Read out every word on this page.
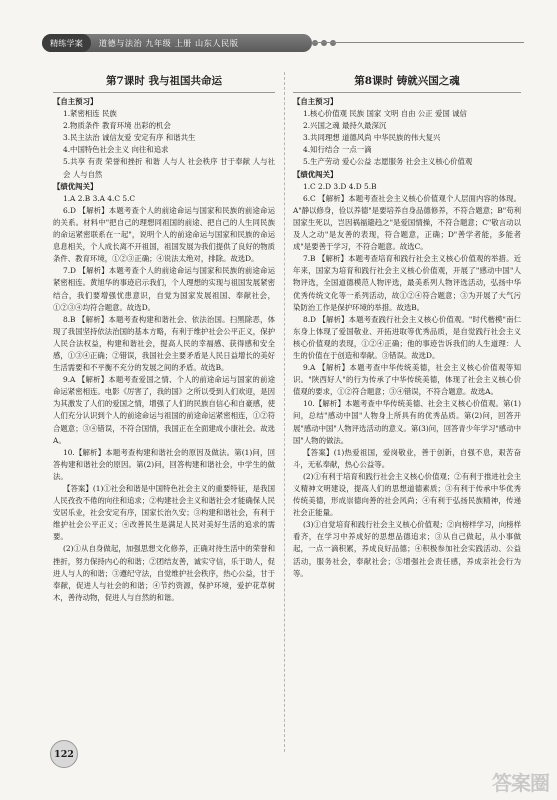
精练学案	道德与法治 九年级 上册 山东人民版
第7课时 我与祖国共命运

【自主预习】

1.紧密相连 民族

2.物质条件 教育环境 出彩的机会

3.民主法治 诚信友爱 安定有序 和谐共生

4.中国特色社会主义 向往和追求

5.共享 有责 荣誉和挫折 和谐 人与人 社会秩序 甘于奉献 人与社会 人与自然

【绩优闯关】

1.A 2.B 3.A 4.C 5.C

6.D 【解析】本题考查个人的前途命运与国家和民族的前途命运的关系。材料中"把自己的理想同祖国的前途、把自己的人生同民族的命运紧密联系在一起"，说明个人的前途命运与国家和民族的命运息息相关，个人成长离不开祖国，祖国发展为我们提供了良好的物质条件、教育环境，①②③正确；④说法太绝对，排除。故选D。

7.D 【解析】本题考查个人的前途命运与国家和民族的前途命运紧密相连。黄旭华的事迹启示我们，个人理想的实现与祖国发展紧密结合，我们要增强忧患意识，自觉为国家发展祖国、奉献社会，①②③④均符合题意。故选D。

8.B 【解析】本题考查构建和谐社会、依法治国。扫黑除恶，体现了我国坚持依法治国的基本方略，有利于维护社会公平正义，保护人民合法权益，构建和谐社会，提高人民的幸福感、获得感和安全感，①③④正确；②错误，我国社会主要矛盾是人民日益增长的美好生活需要和不平衡不充分的发展之间的矛盾。故选B。

9.A 【解析】本题考查爱国之情、个人的前途命运与国家的前途命运紧密相连。电影《厉害了，我的国》之所以受到人们欢迎，是因为其激发了人们的爱国之情，增强了人们的民族自信心和自豪感，使人们充分认识到个人的前途命运与祖国的前途命运紧密相连，①②符合题意；③④错误，不符合国情，我国正在全面建成小康社会。故选A。

10.【解析】本题考查构建和谐社会的原因及做法。第(1)问，回答构建和谐社会的原因。第(2)问，回答构建和谐社会，中学生的做法。

【答案】(1)①社会和谐是中国特色社会主义的重要特征，是我国人民孜孜不倦的向往和追求；②构建社会主义和谐社会才能确保人民安居乐业，社会安定有序，国家长治久安；③构建和谐社会，有利于维护社会公平正义；④改善民生是满足人民对美好生活的追求的需要。

(2)①从自身做起，加强思想文化修养，正确对待生活中的荣誉和挫折，努力保持内心的和谐；②团结友善，诚实守信，乐于助人，促进人与人的和谐；③遵纪守法，自觉维护社会秩序，热心公益，甘于奉献，促进人与社会的和谐；④节约资源，保护环境，爱护花草树木，善待动物，促进人与自然的和谐。

第8课时 铸就兴国之魂

【自主预习】

1.核心价值观 民族 国家 文明 自由 公正 爱国 诚信

2.兴国之魂 最持久最深沉

3.共同理想 道德风尚 中华民族的伟大复兴

4.知行结合 一点一滴

5.生产劳动 爱心公益 志愿服务 社会主义核心价值观

【绩优闯关】

1.C 2.D 3.D 4.D 5.B

6.C 【解析】本题考查社会主义核心价值观个人层面内容的体现。A"静以修身，俭以养德"是要培养自身品德修养，不符合题意；B"苟利国家生死以，岂因祸福避趋之"是爱国情操，不符合题意；C"敬言动以及人之动"是友善的表现，符合题意，正确；D"善学者能，多能者成"是要善于学习，不符合题意。故选C。

7.B 【解析】本题考查培育和践行社会主义核心价值观的举措。近年来，国家为培育和践行社会主义核心价值观，开展了"感动中国"人物评选，全国道德模范人物评选，最美系列人物评选活动，弘扬中华优秀传统文化等一系列活动，故①②④符合题意；③为开展了大气污染防治工作是保护环境的举措。故选B。

8.D 【解析】本题考查践行社会主义核心价值观。"时代楷模"南仁东身上体现了爱国敬业、开拓进取等优秀品质，是自觉践行社会主义核心价值观的表现，①②④正确；他的事迹告诉我们的人生道理：人生的价值在于创造和奉献。③错误。故选D。

9.A 【解析】本题考查中华传统美德，社会主义核心价值观等知识。"陕西好人"的行为传承了中华传统美德，体现了社会主义核心价值观的要求，①②符合题意；③④错误，不符合题意。故选A。

10.【解析】本题考查中华传统美德、社会主义核心价值观。第(1)问，总结"感动中国"人物身上所具有的优秀品质。第(2)问，回答开展"感动中国"人物评选活动的意义。第(3)问，回答青少年学习"感动中国"人物的做法。

【答案】(1)热爱祖国，爱岗敬业，善于创新，自强不息，艰苦奋斗，无私奉献，热心公益等。

(2)①有利于培育和践行社会主义核心价值观；②有利于推进社会主义精神文明建设，提高人们的思想道德素质；③有利于传承中华优秀传统美德，形成崇德向善的社会风尚；④有利于弘扬民族精神，传递社会正能量。

(3)①自觉培育和践行社会主义核心价值观；②向榜样学习，向榜样看齐，在学习中养成好的思想品德追求；③从自己做起，从小事做起，一点一滴积累，养成良好品德；④积极参加社会实践活动、公益活动，服务社会，奉献社会；⑤增强社会责任感，养成亲社会行为等。

122
答案圈
